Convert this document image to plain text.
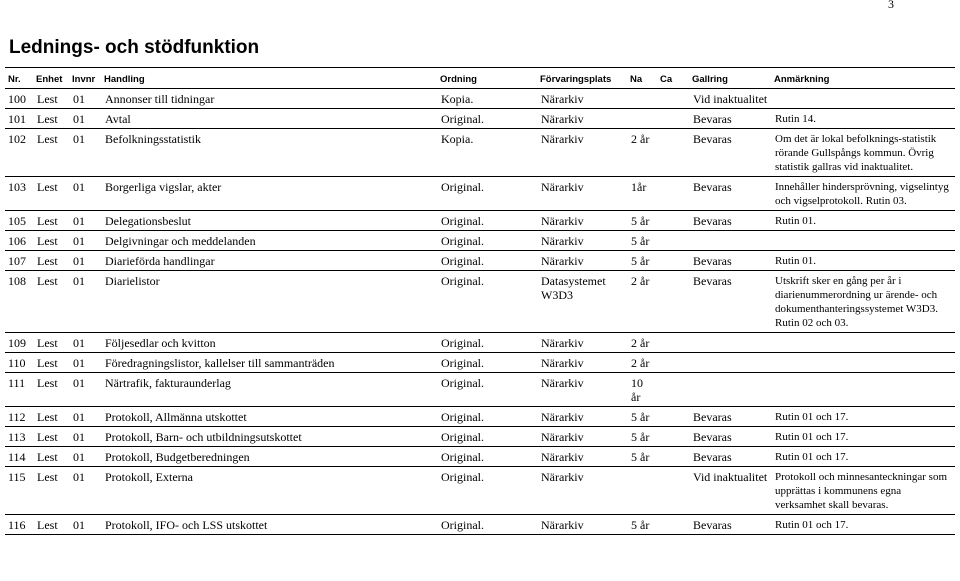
3
Lednings- och stödfunktion
Nr.	Enhet	Invnr	Handling	Ordning	Förvaringsplats	Na	Ca	Gallring	Anmärkning
100	Lest	01	Annonser till tidningar	Kopia.	Närarkiv			Vid inaktualitet	
101	Lest	01	Avtal	Original.	Närarkiv			Bevaras	Rutin 14.
102	Lest	01	Befolkningsstatistik	Kopia.	Närarkiv	2 år		Bevaras	Om det är lokal befolknings-statistik rörande Gullspångs kommun. Övrig statistik gallras vid inaktualitet.
103	Lest	01	Borgerliga vigslar, akter	Original.	Närarkiv	1år		Bevaras	Innehåller hindersprövning, vigselintyg och vigselprotokoll. Rutin 03.
105	Lest	01	Delegationsbeslut	Original.	Närarkiv	5 år		Bevaras	Rutin 01.
106	Lest	01	Delgivningar och meddelanden	Original.	Närarkiv	5 år			
107	Lest	01	Diarieförda handlingar	Original.	Närarkiv	5 år		Bevaras	Rutin 01.
108	Lest	01	Diarielistor	Original.	Datasystemet W3D3	2 år		Bevaras	Utskrift sker en gång per år i diarienummerordning ur ärende- och dokumenthanteringssystemet W3D3. Rutin 02 och 03.
109	Lest	01	Följesedlar och kvitton	Original.	Närarkiv	2 år			
110	Lest	01	Föredragningslistor, kallelser till sammanträden	Original.	Närarkiv	2 år			
111	Lest	01	Närtrafik, fakturaunderlag	Original.	Närarkiv	10 år			
112	Lest	01	Protokoll, Allmänna utskottet	Original.	Närarkiv	5 år		Bevaras	Rutin 01 och 17.
113	Lest	01	Protokoll, Barn- och utbildningsutskottet	Original.	Närarkiv	5 år		Bevaras	Rutin 01 och 17.
114	Lest	01	Protokoll, Budgetberedningen	Original.	Närarkiv	5 år		Bevaras	Rutin 01 och 17.
115	Lest	01	Protokoll, Externa	Original.	Närarkiv			Vid inaktualitet	Protokoll och minnesanteckningar som upprättas i kommunens egna verksamhet skall bevaras.
116	Lest	01	Protokoll, IFO- och LSS utskottet	Original.	Närarkiv	5 år		Bevaras	Rutin 01 och 17.
